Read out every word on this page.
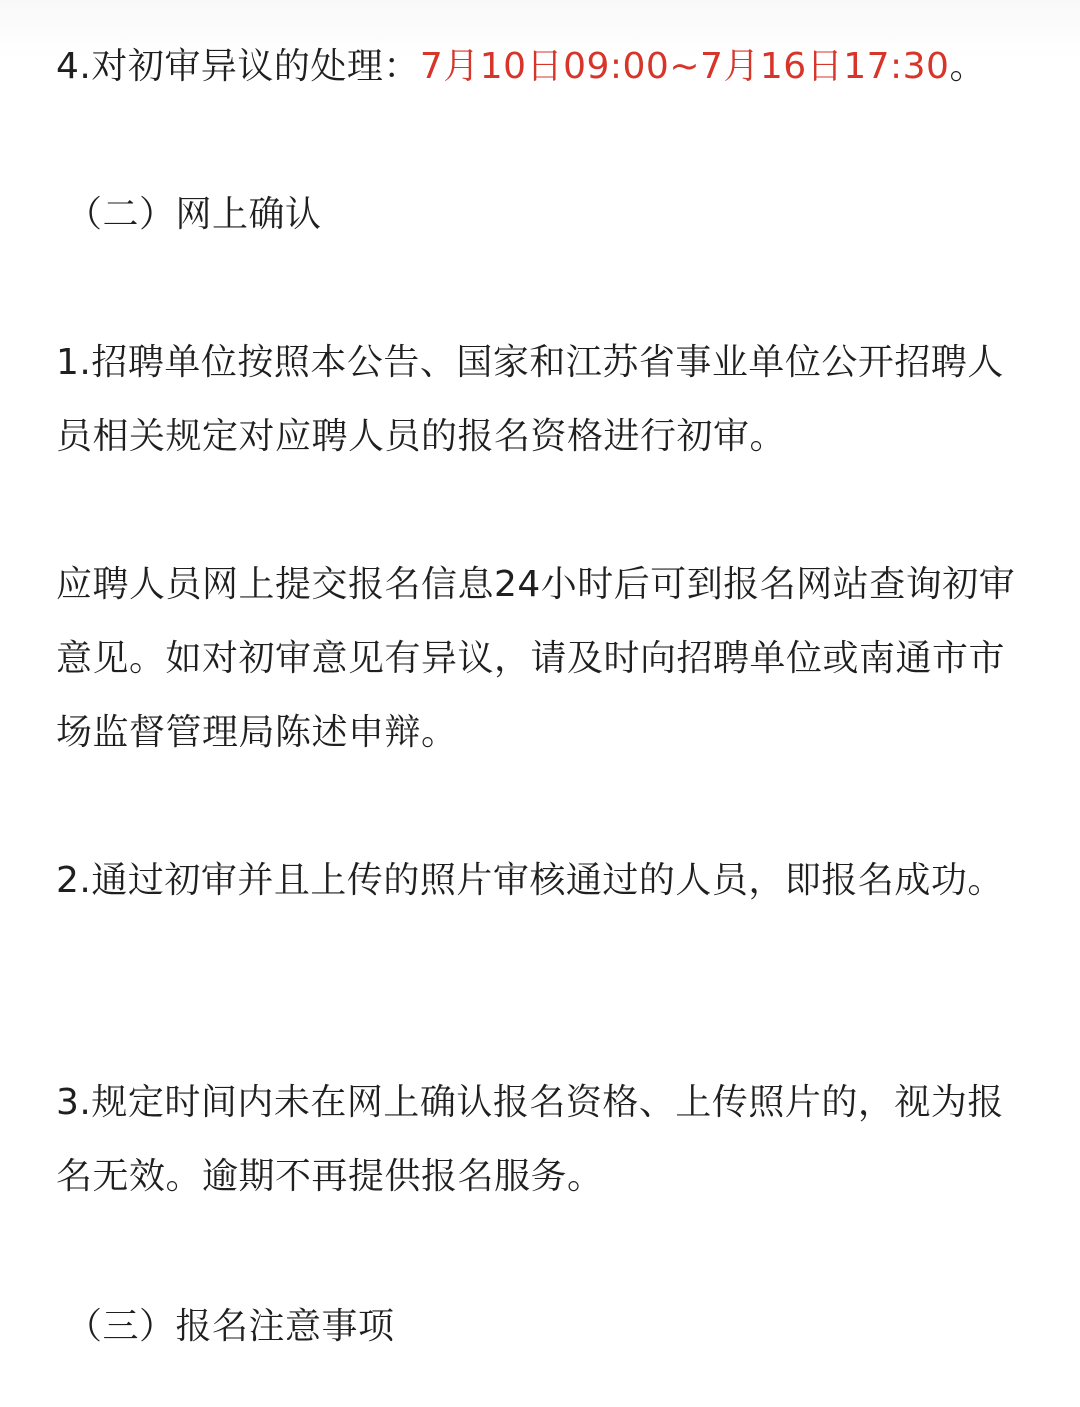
4.对初审异议的处理：7月10日09:00~7月16日17:30。
（二）网上确认
1.招聘单位按照本公告、国家和江苏省事业单位公开招聘人员相关规定对应聘人员的报名资格进行初审。
应聘人员网上提交报名信息24小时后可到报名网站查询初审意见。如对初审意见有异议，请及时向招聘单位或南通市市场监督管理局陈述申辩。
2.通过初审并且上传的照片审核通过的人员，即报名成功。
3.规定时间内未在网上确认报名资格、上传照片的，视为报名无效。逾期不再提供报名服务。
（三）报名注意事项
